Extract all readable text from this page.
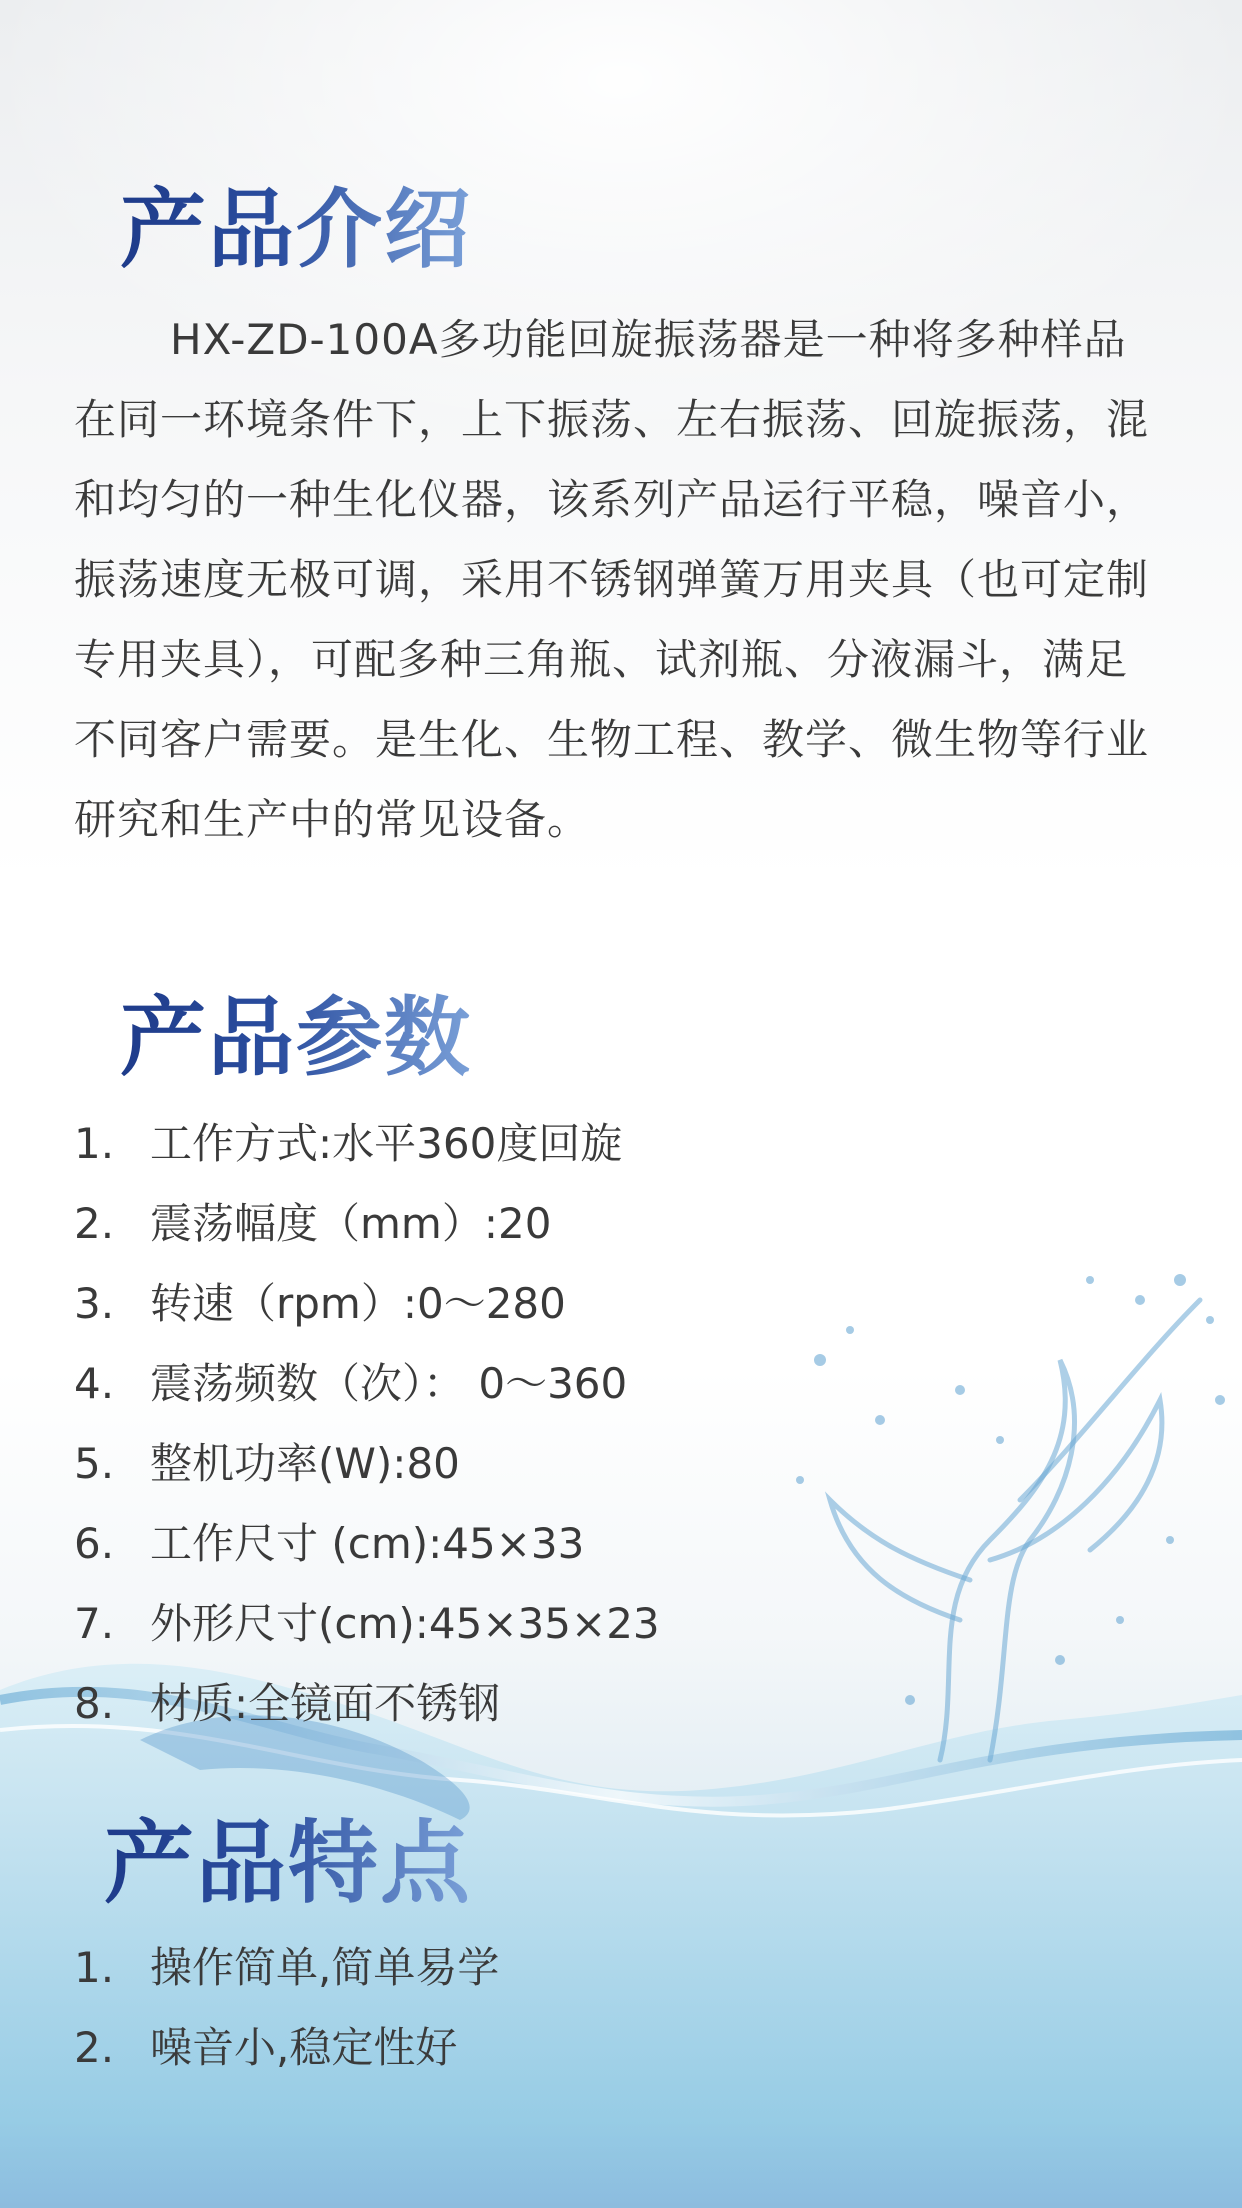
产品介绍

HX-ZD-100A多功能回旋振荡器是一种将多种样品在同一环境条件下，上下振荡、左右振荡、回旋振荡，混和均匀的一种生化仪器，该系列产品运行平稳，噪音小，振荡速度无极可调，采用不锈钢弹簧万用夹具（也可定制专用夹具），可配多种三角瓶、试剂瓶、分液漏斗，满足不同客户需要。是生化、生物工程、教学、微生物等行业研究和生产中的常见设备。

产品参数
1. 工作方式:水平360度回旋
2. 震荡幅度（mm）:20
3. 转速（rpm）:0～280
4. 震荡频数（次）： 0～360
5. 整机功率(W):80
6. 工作尺寸 (cm):45×33
7. 外形尺寸(cm):45×35×23
8. 材质:全镜面不锈钢
产品特点
1. 操作简单,简单易学
2. 噪音小,稳定性好
